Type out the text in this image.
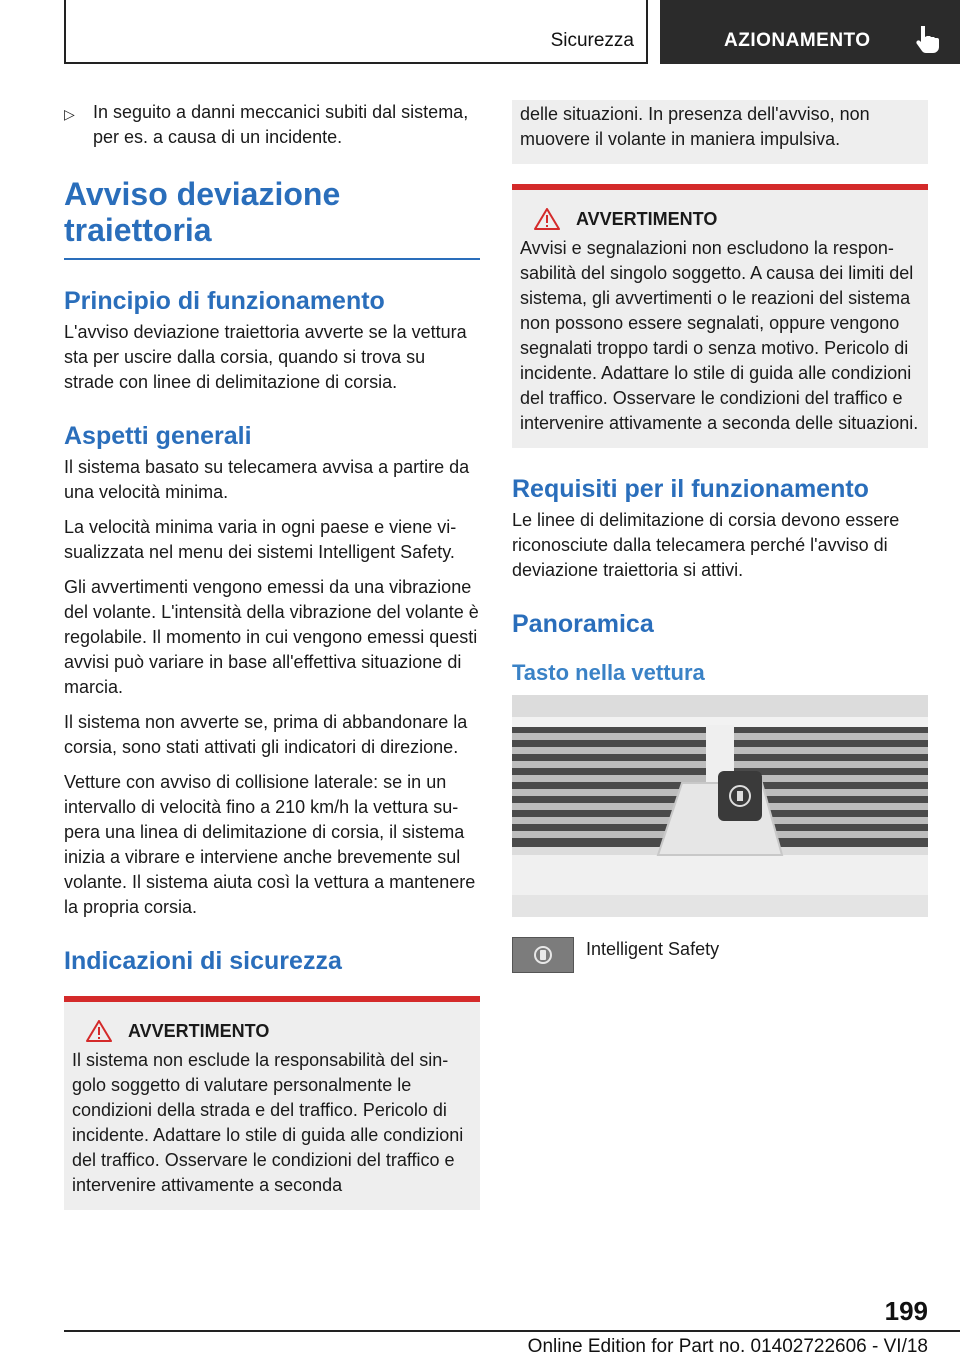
Sicurezza	AZIONAMENTO

▷ In seguito a danni meccanici subiti dal sistema, per es. a causa di un incidente.

Avviso deviazione traiettoria
Principio di funzionamento

L'avviso deviazione traiettoria avverte se la vettura sta per uscire dalla corsia, quando si trova su strade con linee di delimitazione di corsia.

Aspetti generali

Il sistema basato su telecamera avvisa a partire da una velocità minima.

La velocità minima varia in ogni paese e viene visualizzata nel menu dei sistemi Intelligent Safety.

Gli avvertimenti vengono emessi da una vibrazione del volante. L'intensità della vibrazione del volante è regolabile. Il momento in cui vengono emessi questi avvisi può variare in base all'effettiva situazione di marcia.

Il sistema non avverte se, prima di abbandonare la corsia, sono stati attivati gli indicatori di direzione.

Vetture con avviso di collisione laterale: se in un intervallo di velocità fino a 210 km/h la vettura supera una linea di delimitazione di corsia, il sistema inizia a vibrare e interviene anche brevemente sul volante. Il sistema aiuta così la vettura a mantenere la propria corsia.

Indicazioni di sicurezza
AVVERTIMENTO

Il sistema non esclude la responsabilità del singolo soggetto di valutare personalmente le condizioni della strada e del traffico. Pericolo di incidente. Adattare lo stile di guida alle condizioni del traffico. Osservare le condizioni del traffico e intervenire attivamente a seconda

delle situazioni. In presenza dell'avviso, non muovere il volante in maniera impulsiva.

AVVERTIMENTO

Avvisi e segnalazioni non escludono la responsabilità del singolo soggetto. A causa dei limiti del sistema, gli avvertimenti o le reazioni del sistema non possono essere segnalati, oppure vengono segnalati troppo tardi o senza motivo. Pericolo di incidente. Adattare lo stile di guida alle condizioni del traffico. Osservare le condizioni del traffico e intervenire attivamente a seconda delle situazioni.

Requisiti per il funzionamento

Le linee di delimitazione di corsia devono essere riconosciute dalla telecamera perché l'avviso di deviazione traiettoria si attivi.

Panoramica
Tasto nella vettura

Intelligent Safety

199
Online Edition for Part no. 01402722606 - VI/18
